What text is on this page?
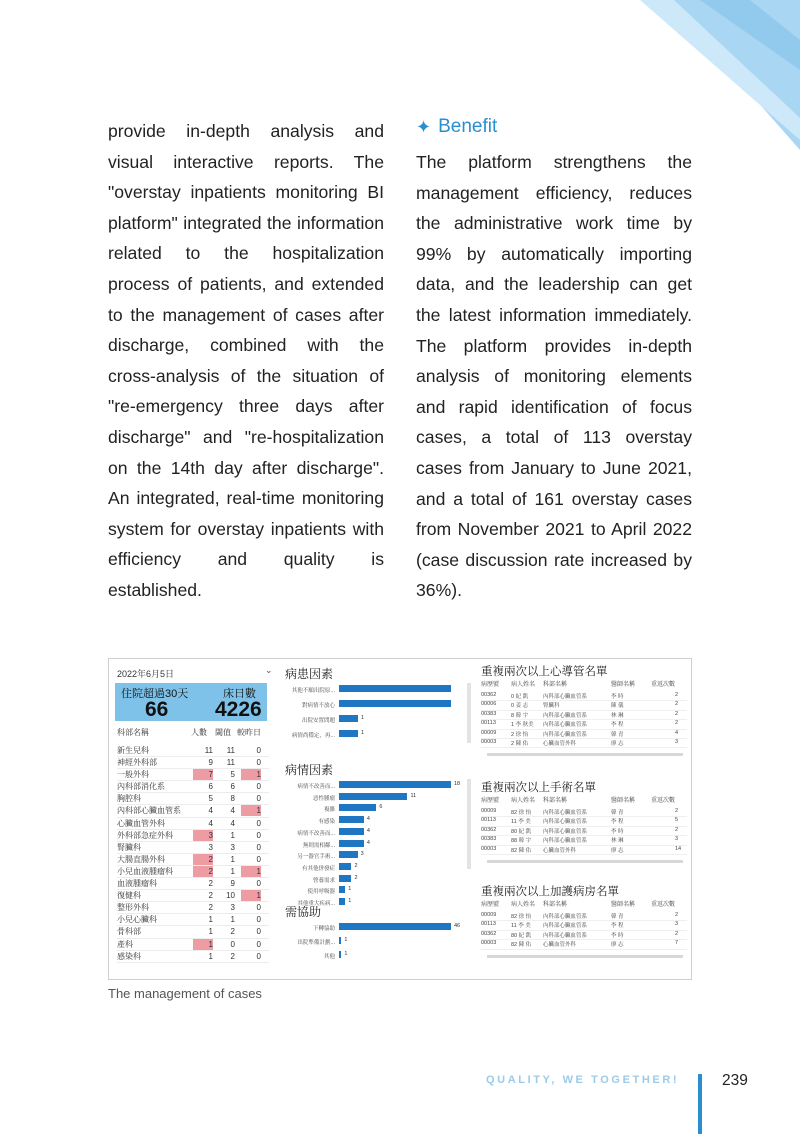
provide in-depth analysis and visual interactive reports. The "overstay inpatients monitoring BI platform" integrated the information related to the hospitalization process of patients, and extended to the management of cases after discharge, combined with the cross-analysis of the situation of "re-emergency three days after discharge" and "re-hospitalization on the 14th day after discharge". An integrated, real-time monitoring system for overstay inpatients with efficiency and quality is established.

✦ Benefit

The platform strengthens the management efficiency, reduces the administrative work time by 99% by automatically importing data, and the leadership can get the latest information immediately. The platform provides in-depth analysis of monitoring elements and rapid identification of focus cases, a total of 113 overstay cases from January to June 2021, and a total of 161 overstay cases from November 2021 to April 2022 (case discussion rate increased by 36%).

2022年6月5日	⌄
住院超過30天	床日數
66 4226
科部名稱	人數 閾值 較昨日
新生兒科	11	11	0
神經外科部	9	11	0
一般外科	7	5	1
內科部消化系	6	6	0
胸腔科	5	8	0
內科部心臟血管系	4	4	1
心臟血管外科	4	4	0
外科部急症外科	3	1	0
腎臟科	3	3	0
大腸直腸外科	2	1	0
小兒血液腫瘤科	2	1	1
血液腫瘤科	2	9	0
復健科	2	10	1
整形外科	2	3	0
小兒心臟科	1	1	0
骨科部	1	2	0
產科	1	0	0
感染科	1	2	0
病患因素
其他不願出院原...
對病情不放心
出院安置問題	1
病情尚穩定，再...	1
病情因素
病情不改善而...	18
惡性腫瘤	11
複雜	6
有感染	4
病情不改善而...	4
無則需相鄰...	4
另一器官手術...	3
有其他併發症	2
營養需求	2
使用呼吸器 1
其他重大疾病... 1
需協助
下轉協助	46
出院準備計劃... 1
其他 1
重複兩次以上心導管名單
病歷號 病人姓名 科部名稱	醫師名稱	重返次數
00362	0 紀 凱	內科部心臟血管系	李 時	2
00006	0 姜 志	腎臟科	陳 儀	2
00383	8 韓 宇	內科部心臟血管系	林 琳	2
00113	1 李 秋美 內科部心臟血管系	李 程	2
00009	2 徐 怡	內科部心臟血管系	韓 青	4
00003	2 陳 佑	心臟血管外科	廖 志	3
重複兩次以上手術名單
病歷號 病人姓名 科部名稱	醫師名稱	重返次數
00009	82 徐 怡 內科部心臟血管系	韓 青	2
00113	11 李 美 內科部心臟血管系	李 程	5
00362	80 紀 凱 內科部心臟血管系	李 時	2
00383	88 韓 宇 內科部心臟血管系	林 琳	3
00003	82 陳 佑 心臟血管外科	廖 志	14
重複兩次以上加護病房名單
病歷號 病人姓名 科部名稱	醫師名稱	重返次數
00009	82 徐 怡 內科部心臟血管系	韓 青	2
00113	11 李 美 內科部心臟血管系	李 程	3
00362	80 紀 凱 內科部心臟血管系	李 時	2
00003	82 陳 佑 心臟血管外科	廖 志	7
The management of cases
QUALITY, WE TOGETHER!	239
